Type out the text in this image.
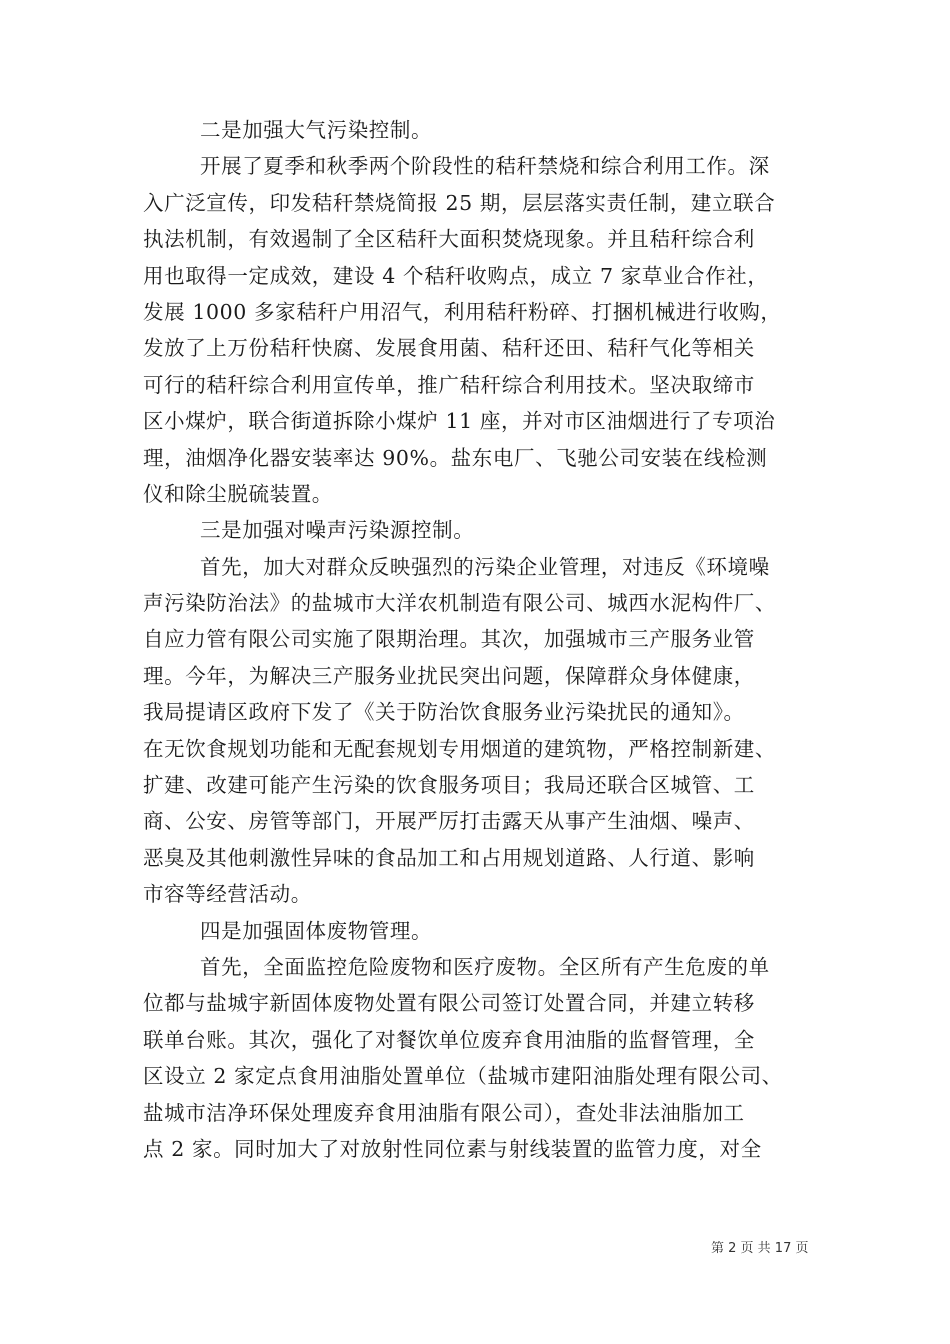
二是加强大气污染控制。
开展了夏季和秋季两个阶段性的秸秆禁烧和综合利用工作。深
入广泛宣传，印发秸秆禁烧简报 25 期，层层落实责任制，建立联合
执法机制，有效遏制了全区秸秆大面积焚烧现象。并且秸秆综合利
用也取得一定成效，建设 4 个秸秆收购点，成立 7 家草业合作社，
发展 1000 多家秸秆户用沼气，利用秸秆粉碎、打捆机械进行收购，
发放了上万份秸秆快腐、发展食用菌、秸秆还田、秸秆气化等相关
可行的秸秆综合利用宣传单，推广秸秆综合利用技术。坚决取缔市
区小煤炉，联合街道拆除小煤炉 11 座，并对市区油烟进行了专项治
理，油烟净化器安装率达 90%。盐东电厂、飞驰公司安装在线检测
仪和除尘脱硫装置。
三是加强对噪声污染源控制。
首先，加大对群众反映强烈的污染企业管理，对违反《环境噪
声污染防治法》的盐城市大洋农机制造有限公司、城西水泥构件厂、
自应力管有限公司实施了限期治理。其次，加强城市三产服务业管
理。今年，为解决三产服务业扰民突出问题，保障群众身体健康，
我局提请区政府下发了《关于防治饮食服务业污染扰民的通知》。
在无饮食规划功能和无配套规划专用烟道的建筑物，严格控制新建、
扩建、改建可能产生污染的饮食服务项目；我局还联合区城管、工
商、公安、房管等部门，开展严厉打击露天从事产生油烟、噪声、
恶臭及其他刺激性异味的食品加工和占用规划道路、人行道、影响
市容等经营活动。
四是加强固体废物管理。
首先，全面监控危险废物和医疗废物。全区所有产生危废的单
位都与盐城宇新固体废物处置有限公司签订处置合同，并建立转移
联单台账。其次，强化了对餐饮单位废弃食用油脂的监督管理，全
区设立 2 家定点食用油脂处置单位（盐城市建阳油脂处理有限公司、
盐城市洁净环保处理废弃食用油脂有限公司），查处非法油脂加工
点 2 家。同时加大了对放射性同位素与射线装置的监管力度，对全
第 2 页 共 17 页
